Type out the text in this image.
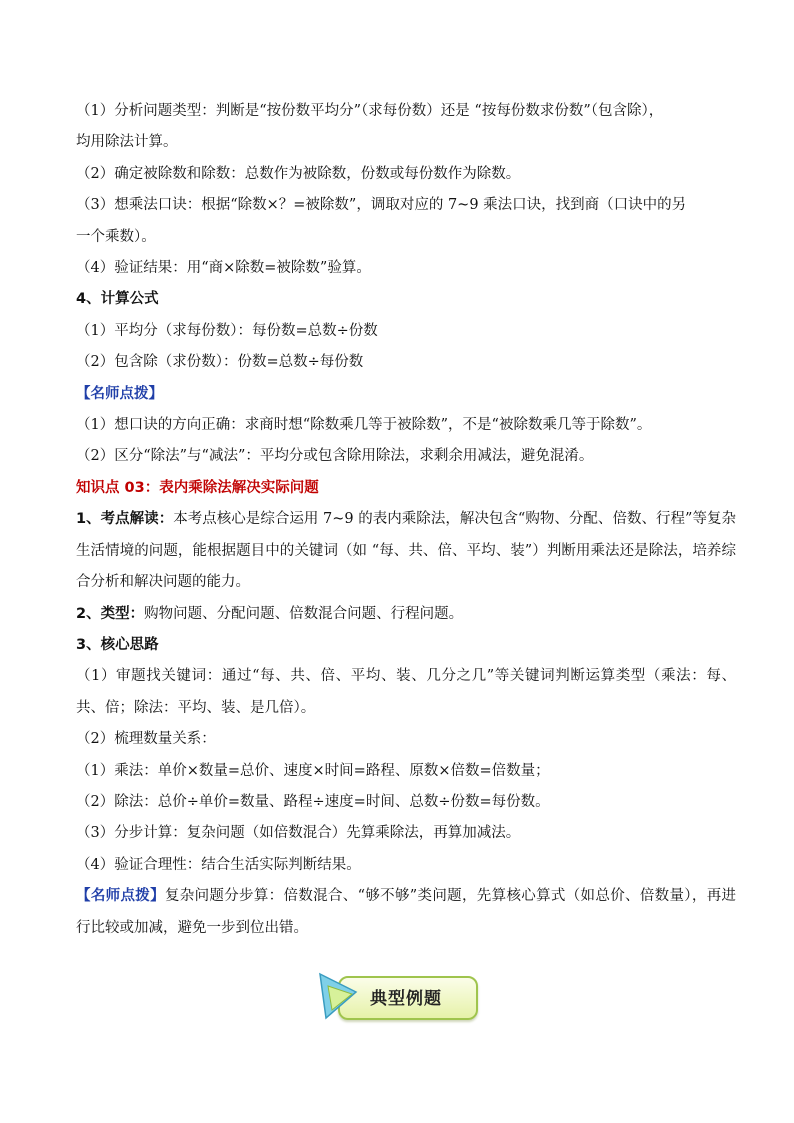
（1）分析问题类型：判断是“按份数平均分”（求每份数）还是 “按每份数求份数”（包含除），
均用除法计算。
（2）确定被除数和除数：总数作为被除数，份数或每份数作为除数。
（3）想乘法口诀：根据“除数×？=被除数”，调取对应的 7~9 乘法口诀，找到商（口诀中的另
一个乘数）。
（4）验证结果：用“商×除数=被除数”验算。
4、计算公式
（1）平均分（求每份数）：每份数=总数÷份数
（2）包含除（求份数）：份数=总数÷每份数
【名师点拨】
（1）想口诀的方向正确：求商时想“除数乘几等于被除数”，不是“被除数乘几等于除数”。
（2）区分“除法”与“减法”：平均分或包含除用除法，求剩余用减法，避免混淆。
知识点 03：表内乘除法解决实际问题
1、考点解读：本考点核心是综合运用 7~9 的表内乘除法，解决包含“购物、分配、倍数、行程”等复杂生活情境的问题，能根据题目中的关键词（如 “每、共、倍、平均、装”）判断用乘法还是除法，培养综合分析和解决问题的能力。
2、类型：购物问题、分配问题、倍数混合问题、行程问题。
3、核心思路
（1）审题找关键词：通过“每、共、倍、平均、装、几分之几”等关键词判断运算类型（乘法：每、共、倍；除法：平均、装、是几倍）。
（2）梳理数量关系：
（1）乘法：单价×数量=总价、速度×时间=路程、原数×倍数=倍数量；
（2）除法：总价÷单价=数量、路程÷速度=时间、总数÷份数=每份数。
（3）分步计算：复杂问题（如倍数混合）先算乘除法，再算加减法。
（4）验证合理性：结合生活实际判断结果。
【名师点拨】复杂问题分步算：倍数混合、“够不够”类问题，先算核心算式（如总价、倍数量），再进行比较或加减，避免一步到位出错。
典型例题
